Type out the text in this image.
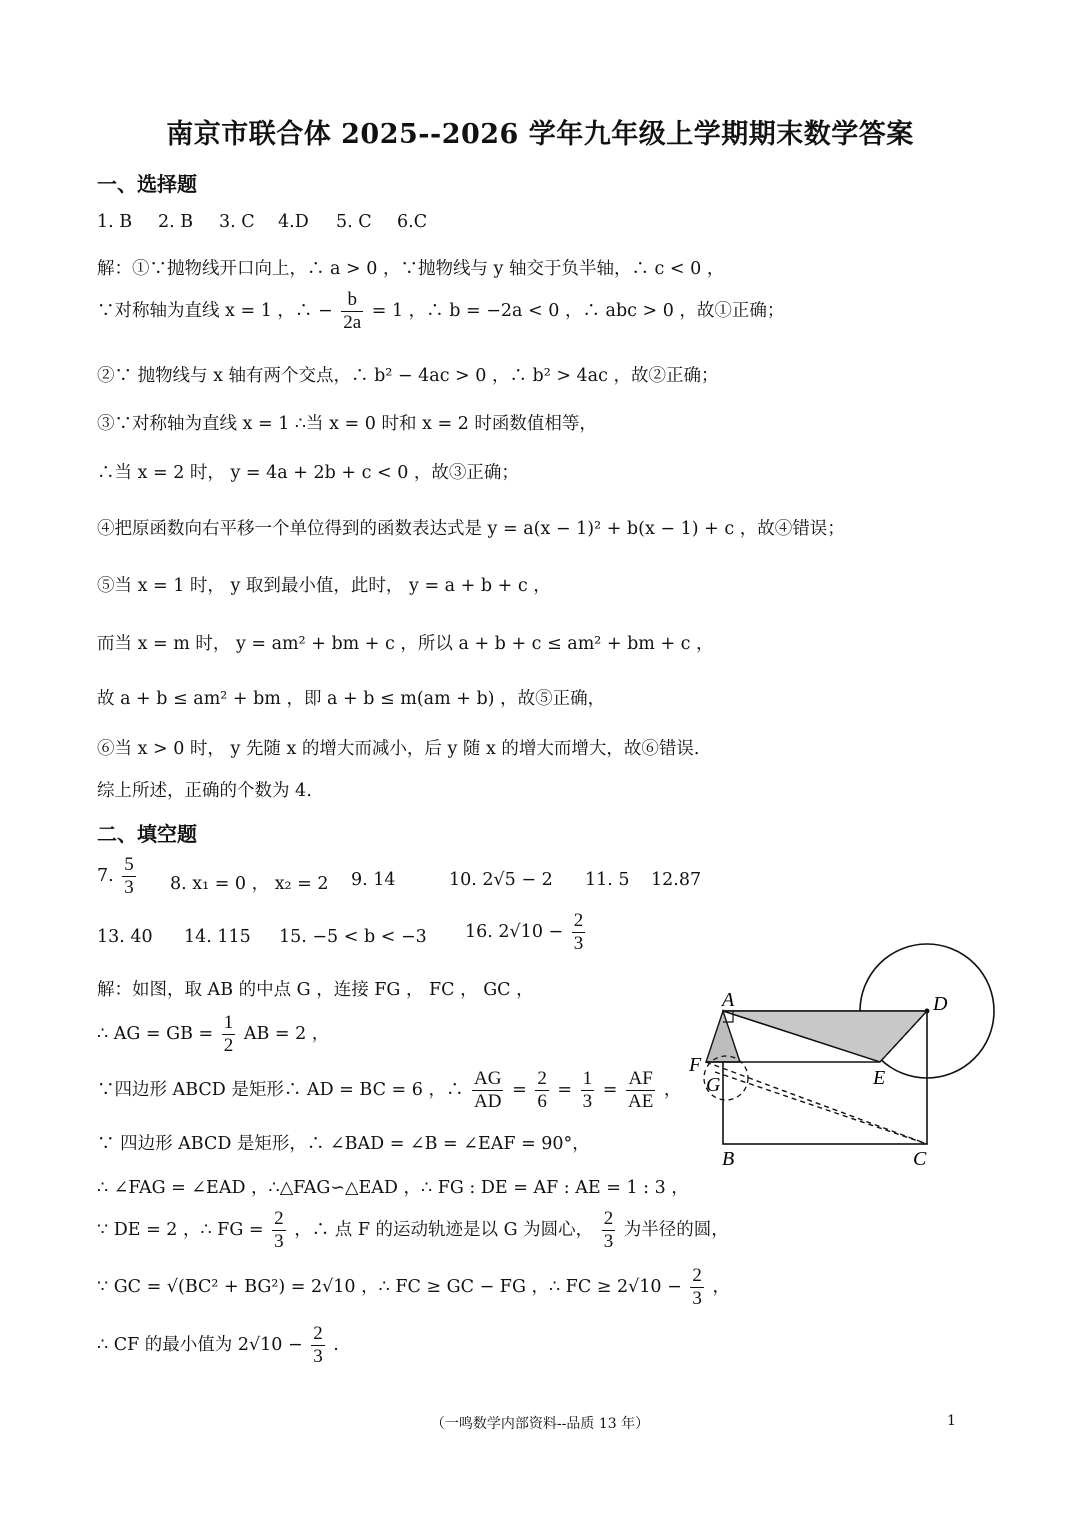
南京市联合体 2025--2026 学年九年级上学期期末数学答案
一、选择题
1. B 2. B 3. C 4.D 5. C 6.C
解：①∵抛物线开口向上，∴ a > 0 ，∵抛物线与 y 轴交于负半轴，∴ c < 0 ，
∵对称轴为直线 x = 1 ，∴ − $\frac{b}{2a} = 1$ ，∴ b = −2a < 0 ，∴ abc > 0 ，故①正确；
②∵ 抛物线与 x 轴有两个交点，∴ b² − 4ac > 0 ，∴ b² > 4ac ，故②正确；
③∵对称轴为直线 x = 1 ∴当 x = 0 时和 x = 2 时函数值相等，
∴当 x = 2 时， y = 4a + 2b + c < 0 ，故③正确；
④把原函数向右平移一个单位得到的函数表达式是 y = a(x − 1)² + b(x − 1) + c ，故④错误；
⑤当 x = 1 时， y 取到最小值，此时， y = a + b + c ，
而当 x = m 时， y = am² + bm + c ，所以 a + b + c ≤ am² + bm + c ，
故 a + b ≤ am² + bm ，即 a + b ≤ m(am + b) ，故⑤正确，
⑥当 x > 0 时， y 先随 x 的增大而减小，后 y 随 x 的增大而增大，故⑥错误.
综上所述，正确的个数为 4.
二、填空题
7. $\frac{5}{3} 8$. x₁ = 0 ， x₂ = 2 9. 14	10. 2√5 − 2 11. 5 12.87
13. 40 14. 115 15. −5 < b < −3 16. $2√10 - \frac{2}{3}$
解：如图，取 AB 的中点 G ，连接 FG ， FC ， GC ，
∴ AG = GB = $\frac{1}{2}$ AB = 2 ，
∵四边形 ABCD 是矩形∴ AD = BC = 6 ，∴ $\frac{AG}{AD} = \frac{2}{6} = \frac{1}{3} = \frac{AF}{AE}$ ，
∵ 四边形 ABCD 是矩形，∴ ∠BAD = ∠B = ∠EAF = 90°，
∴ ∠FAG = ∠EAD ，∴△FAG∽△EAD ，∴ FG : DE = AF : AE = 1 : 3 ，
∵ DE = 2 ，∴ FG = $\frac{2}{3}$ ，∴ 点 F 的运动轨迹是以 G 为圆心， $\frac{2}{3}$ 为半径的圆，
∵ GC = √(BC² + BG²) = 2√10 ，∴ FC ≥ GC − FG ，∴ FC ≥ $2√10 - \frac{2}{3}$ ，
∴ CF 的最小值为 $2√10 - \frac{2}{3}$ .
A	D
F
G	E
B	C
（一鸣数学内部资料--品质 13 年）	1
